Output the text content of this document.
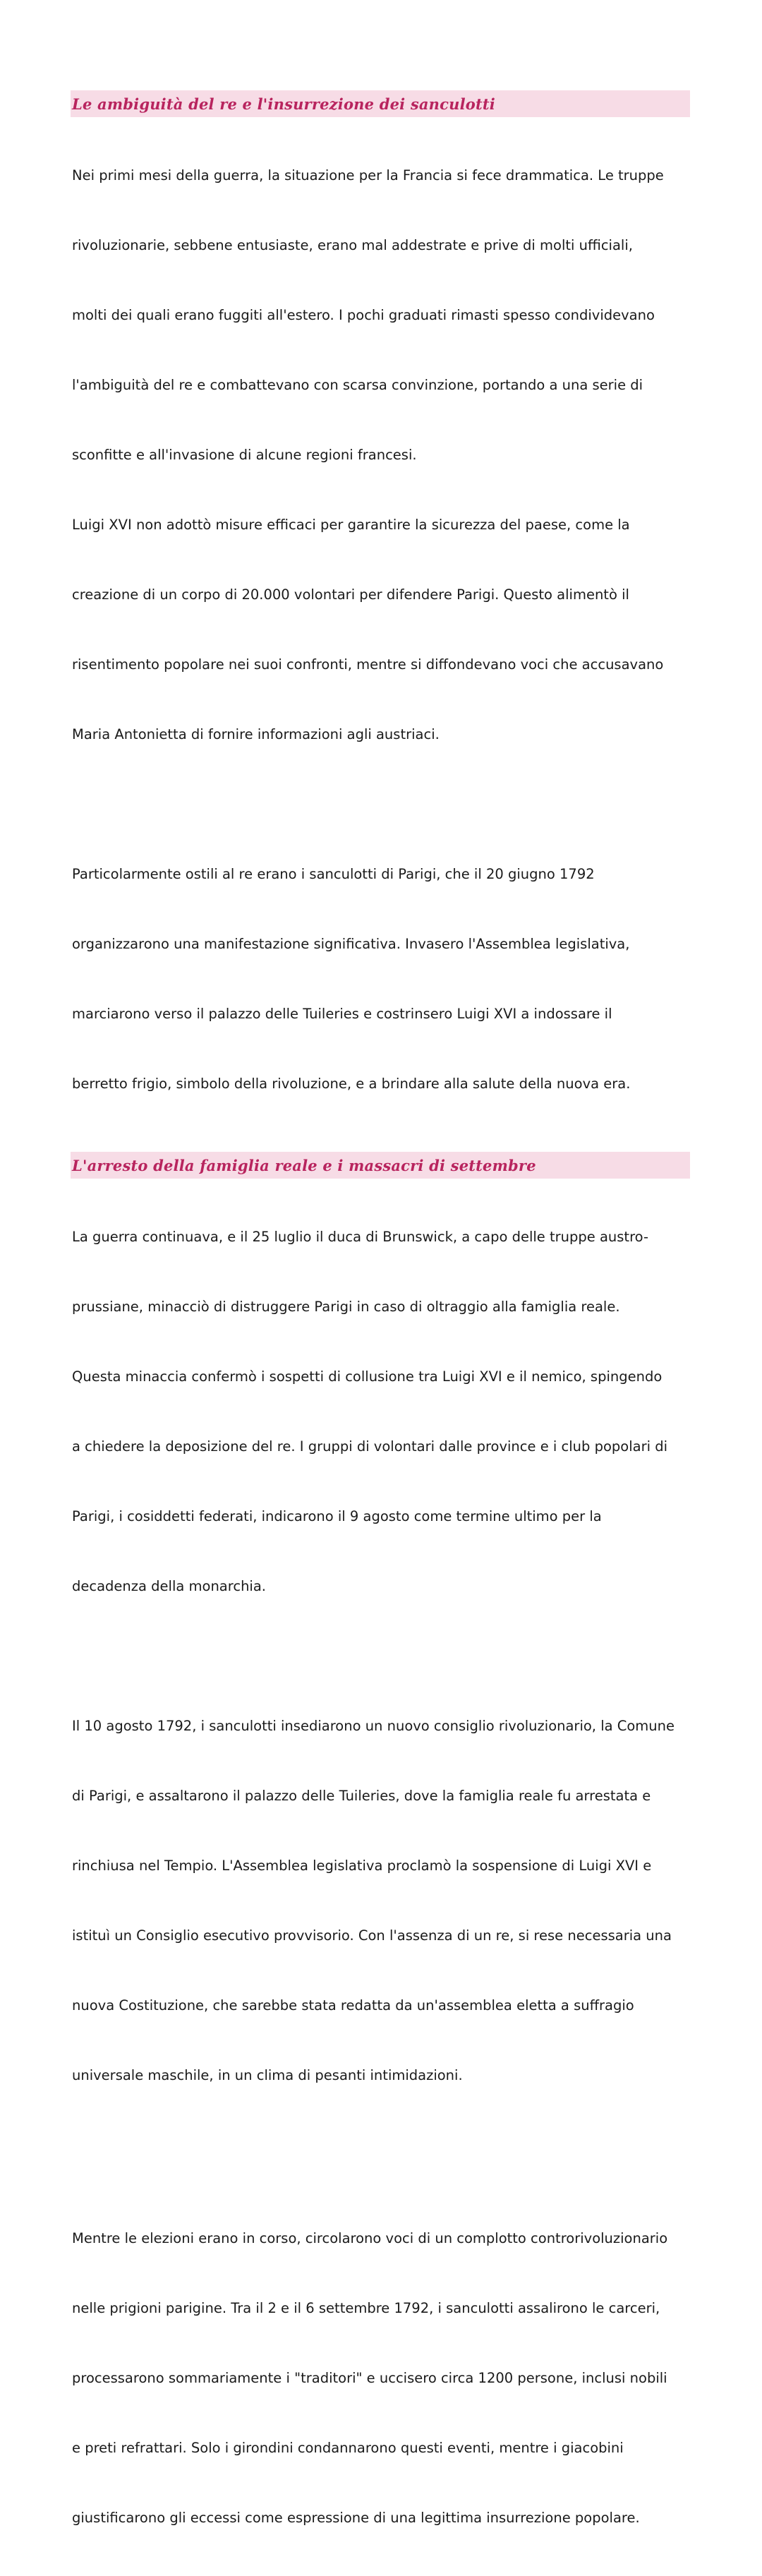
Le ambiguità del re e l'insurrezione dei sanculotti

Nei primi mesi della guerra, la situazione per la Francia si fece drammatica. Le truppe

rivoluzionarie, sebbene entusiaste, erano mal addestrate e prive di molti ufficiali,

molti dei quali erano fuggiti all'estero. I pochi graduati rimasti spesso condividevano

l'ambiguità del re e combattevano con scarsa convinzione, portando a una serie di

sconfitte e all'invasione di alcune regioni francesi.

Luigi XVI non adottò misure efficaci per garantire la sicurezza del paese, come la

creazione di un corpo di 20.000 volontari per difendere Parigi. Questo alimentò il

risentimento popolare nei suoi confronti, mentre si diffondevano voci che accusavano

Maria Antonietta di fornire informazioni agli austriaci.

Particolarmente ostili al re erano i sanculotti di Parigi, che il 20 giugno 1792

organizzarono una manifestazione significativa. Invasero l'Assemblea legislativa,

marciarono verso il palazzo delle Tuileries e costrinsero Luigi XVI a indossare il

berretto frigio, simbolo della rivoluzione, e a brindare alla salute della nuova era.

L'arresto della famiglia reale e i massacri di settembre

La guerra continuava, e il 25 luglio il duca di Brunswick, a capo delle truppe austro-

prussiane, minacciò di distruggere Parigi in caso di oltraggio alla famiglia reale.

Questa minaccia confermò i sospetti di collusione tra Luigi XVI e il nemico, spingendo

a chiedere la deposizione del re. I gruppi di volontari dalle province e i club popolari di

Parigi, i cosiddetti federati, indicarono il 9 agosto come termine ultimo per la

decadenza della monarchia.

Il 10 agosto 1792, i sanculotti insediarono un nuovo consiglio rivoluzionario, la Comune

di Parigi, e assaltarono il palazzo delle Tuileries, dove la famiglia reale fu arrestata e

rinchiusa nel Tempio. L'Assemblea legislativa proclamò la sospensione di Luigi XVI e

istituì un Consiglio esecutivo provvisorio. Con l'assenza di un re, si rese necessaria una

nuova Costituzione, che sarebbe stata redatta da un'assemblea eletta a suffragio

universale maschile, in un clima di pesanti intimidazioni.

Mentre le elezioni erano in corso, circolarono voci di un complotto controrivoluzionario

nelle prigioni parigine. Tra il 2 e il 6 settembre 1792, i sanculotti assalirono le carceri,

processarono sommariamente i "traditori" e uccisero circa 1200 persone, inclusi nobili

e preti refrattari. Solo i girondini condannarono questi eventi, mentre i giacobini

giustificarono gli eccessi come espressione di una legittima insurrezione popolare.
